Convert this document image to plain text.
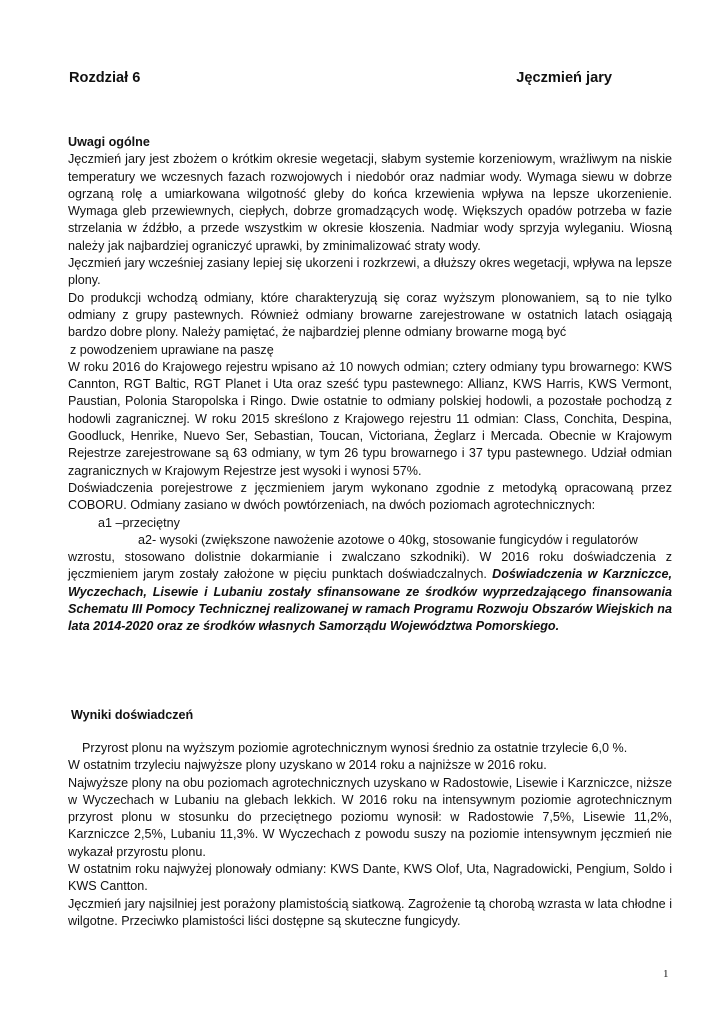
Rozdział 6	Jęczmień jary
Uwagi ogólne
Jęczmień jary jest zbożem o krótkim okresie wegetacji, słabym systemie korzeniowym, wrażliwym na niskie temperatury we wczesnych fazach rozwojowych i niedobór oraz nadmiar wody. Wymaga siewu w dobrze ogrzaną rolę a umiarkowana wilgotność gleby do końca krzewienia wpływa na lepsze ukorzenienie. Wymaga gleb przewiewnych, ciepłych, dobrze gromadzących wodę. Większych opadów potrzeba w fazie strzelania w źdźbło, a przede wszystkim w okresie kłoszenia. Nadmiar wody sprzyja wyleganiu. Wiosną należy jak najbardziej ograniczyć uprawki, by zminimalizować straty wody.
Jęczmień jary wcześniej zasiany lepiej się ukorzeni i rozkrzewi, a dłuższy okres wegetacji, wpływa na lepsze plony.
Do produkcji wchodzą odmiany, które charakteryzują się coraz wyższym plonowaniem, są to nie tylko odmiany z grupy pastewnych. Również odmiany browarne zarejestrowane w ostatnich latach osiągają bardzo dobre plony. Należy pamiętać, że najbardziej plenne odmiany browarne mogą być
z powodzeniem uprawiane na paszę
W roku 2016 do Krajowego rejestru wpisano aż 10 nowych odmian; cztery odmiany typu browarnego: KWS Cannton, RGT Baltic, RGT Planet i Uta oraz sześć typu pastewnego: Allianz, KWS Harris, KWS Vermont, Paustian, Polonia Staropolska i Ringo. Dwie ostatnie to odmiany polskiej hodowli, a pozostałe pochodzą z hodowli zagranicznej. W roku 2015 skreślono z Krajowego rejestru 11 odmian: Class, Conchita, Despina, Goodluck, Henrike, Nuevo Ser, Sebastian, Toucan, Victoriana, Żeglarz i Mercada. Obecnie w Krajowym Rejestrze zarejestrowane są 63 odmiany, w tym 26 typu browarnego i 37 typu pastewnego. Udział odmian zagranicznych w Krajowym Rejestrze jest wysoki i wynosi 57%.
Doświadczenia porejestrowe z jęczmieniem jarym wykonano zgodnie z metodyką opracowaną przez COBORU. Odmiany zasiano w dwóch powtórzeniach, na dwóch poziomach agrotechnicznych:
a1 –przeciętny
a2- wysoki (zwiększone nawożenie azotowe o 40kg, stosowanie fungicydów i regulatorów
wzrostu, stosowano dolistnie dokarmianie i zwalczano szkodniki). W 2016 roku doświadczenia z jęczmieniem jarym zostały założone w pięciu punktach doświadczalnych. Doświadczenia w Karzniczce, Wyczechach, Lisewie i Lubaniu zostały sfinansowane ze środków wyprzedzającego finansowania Schematu III Pomocy Technicznej realizowanej w ramach Programu Rozwoju Obszarów Wiejskich na lata 2014-2020 oraz ze środków własnych Samorządu Województwa Pomorskiego.
Wyniki doświadczeń
Przyrost plonu na wyższym poziomie agrotechnicznym wynosi średnio za ostatnie trzylecie 6,0 %.
W ostatnim trzyleciu najwyższe plony uzyskano w 2014 roku a najniższe w 2016 roku.
Najwyższe plony na obu poziomach agrotechnicznych uzyskano w Radostowie, Lisewie i Karzniczce, niższe w Wyczechach w Lubaniu na glebach lekkich. W 2016 roku na intensywnym poziomie agrotechnicznym przyrost plonu w stosunku do przeciętnego poziomu wynosił: w Radostowie 7,5%, Lisewie 11,2%, Karzniczce 2,5%, Lubaniu 11,3%. W Wyczechach z powodu suszy na poziomie intensywnym jęczmień nie wykazał przyrostu plonu.
W ostatnim roku najwyżej plonowały odmiany: KWS Dante, KWS Olof, Uta, Nagradowicki, Pengium, Soldo i KWS Cantton.
Jęczmień jary najsilniej jest porażony plamistością siatkową. Zagrożenie tą chorobą wzrasta w lata chłodne i wilgotne. Przeciwko plamistości liści dostępne są skuteczne fungicydy.
1
